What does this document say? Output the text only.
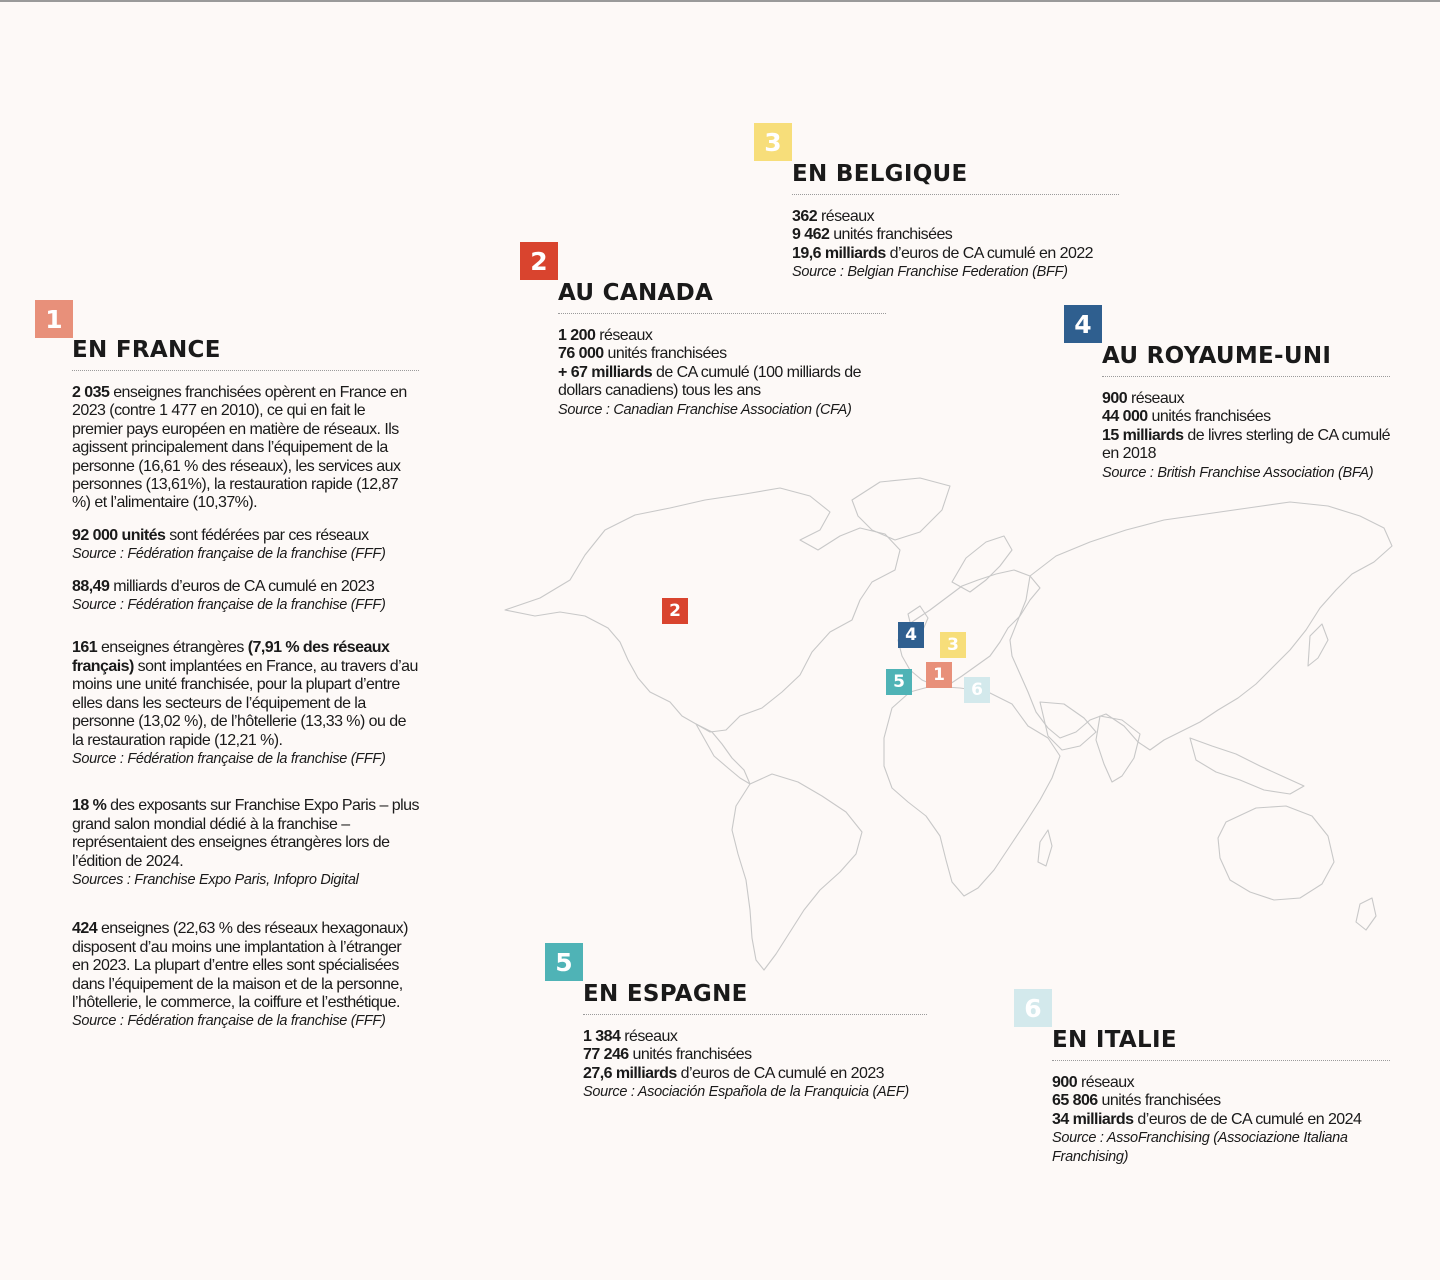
1
EN FRANCE

2 035 enseignes franchisées opèrent en France en 2023 (contre 1 477 en 2010), ce qui en fait le premier pays européen en matière de réseaux. Ils agissent principalement dans l’équipement de la personne (16,61 % des réseaux), les services aux personnes (13,61%), la restauration rapide (12,87 %) et l’alimentaire (10,37%).

92 000 unités sont fédérées par ces réseaux

Source : Fédération française de la franchise (FFF)

88,49 milliards d’euros de CA cumulé en 2023

Source : Fédération française de la franchise (FFF)

161 enseignes étrangères (7,91 % des réseaux français) sont implantées en France, au travers d’au moins une unité franchisée, pour la plupart d’entre elles dans les secteurs de l’équipement de la personne (13,02 %), de l’hôtellerie (13,33 %) ou de la restauration rapide (12,21 %).

Source : Fédération française de la franchise (FFF)

18 % des exposants sur Franchise Expo Paris – plus grand salon mondial dédié à la franchise – représentaient des enseignes étrangères lors de l’édition de 2024.

Sources : Franchise Expo Paris, Infopro Digital

424 enseignes (22,63 % des réseaux hexagonaux) disposent d’au moins une implantation à l’étranger en 2023. La plupart d’entre elles sont spécialisées dans l’équipement de la maison et de la personne, l’hôtellerie, le commerce, la coiffure et l’esthétique.

Source : Fédération française de la franchise (FFF)

2
AU CANADA

1 200 réseaux

76 000 unités franchisées

+ 67 milliards de CA cumulé (100 milliards de dollars canadiens) tous les ans

Source : Canadian Franchise Association (CFA)

3
EN BELGIQUE

362 réseaux

9 462 unités franchisées

19,6 milliards d’euros de CA cumulé en 2022

Source : Belgian Franchise Federation (BFF)

4
AU ROYAUME-UNI

900 réseaux

44 000 unités franchisées

15 milliards de livres sterling de CA cumulé en 2018

Source : British Franchise Association (BFA)

5
EN ESPAGNE

1 384 réseaux

77 246 unités franchisées

27,6 milliards d’euros de CA cumulé en 2023

Source : Asociación Española de la Franquicia (AEF)

6
EN ITALIE

900 réseaux

65 806 unités franchisées

34 milliards d’euros de de CA cumulé en 2024

Source : AssoFranchising (Associazione Italiana Franchising)

2
4	3
1
5	6
